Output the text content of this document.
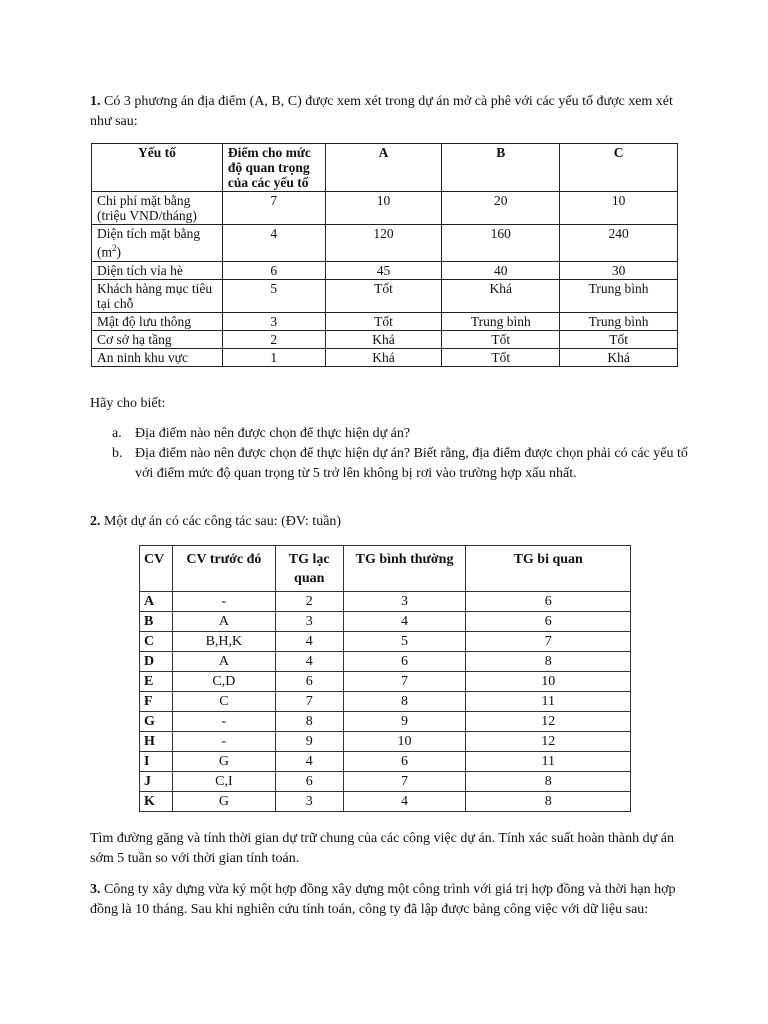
1. Có 3 phương án địa điểm (A, B, C) được xem xét trong dự án mở cà phê với các yếu tố được xem xét như sau:
Yếu tố	Điểm cho mức độ quan trọng của các yếu tố	A	B	C
Chi phí mặt bằng (triệu VND/tháng)	7	10	20	10
Diện tích mặt bằng $(m^2)$	4	120	160	240
Diện tích vỉa hè	6	45	40	30
Khách hàng mục tiêu tại chỗ	5	Tốt	Khá	Trung bình
Mật độ lưu thông	3	Tốt	Trung bình	Trung bình
Cơ sở hạ tầng	2	Khá	Tốt	Tốt
An ninh khu vực	1	Khá	Tốt	Khá
Hãy cho biết:
a. Địa điểm nào nên được chọn để thực hiện dự án?
b. Địa điểm nào nên được chọn để thực hiện dự án? Biết rằng, địa điểm được chọn phải có các yếu tố với điểm mức độ quan trọng từ 5 trở lên không bị rơi vào trường hợp xấu nhất.
2. Một dự án có các công tác sau: (ĐV: tuần)
CV	CV trước đó	TG lạc quan	TG bình thường	TG bi quan
A	-	2	3	6
B	A	3	4	6
C	B,H,K	4	5	7
D	A	4	6	8
E	C,D	6	7	10
F	C	7	8	11
G	-	8	9	12
H	-	9	10	12
I	G	4	6	11
J	C,I	6	7	8
K	G	3	4	8
Tìm đường găng và tính thời gian dự trữ chung của các công việc dự án. Tính xác suất hoàn thành dự án sớm 5 tuần so với thời gian tính toán.
3. Công ty xây dựng vừa ký một hợp đồng xây dựng một công trình với giá trị hợp đồng và thời hạn hợp đồng là 10 tháng. Sau khi nghiên cứu tính toán, công ty đã lập được bảng công việc với dữ liệu sau:
